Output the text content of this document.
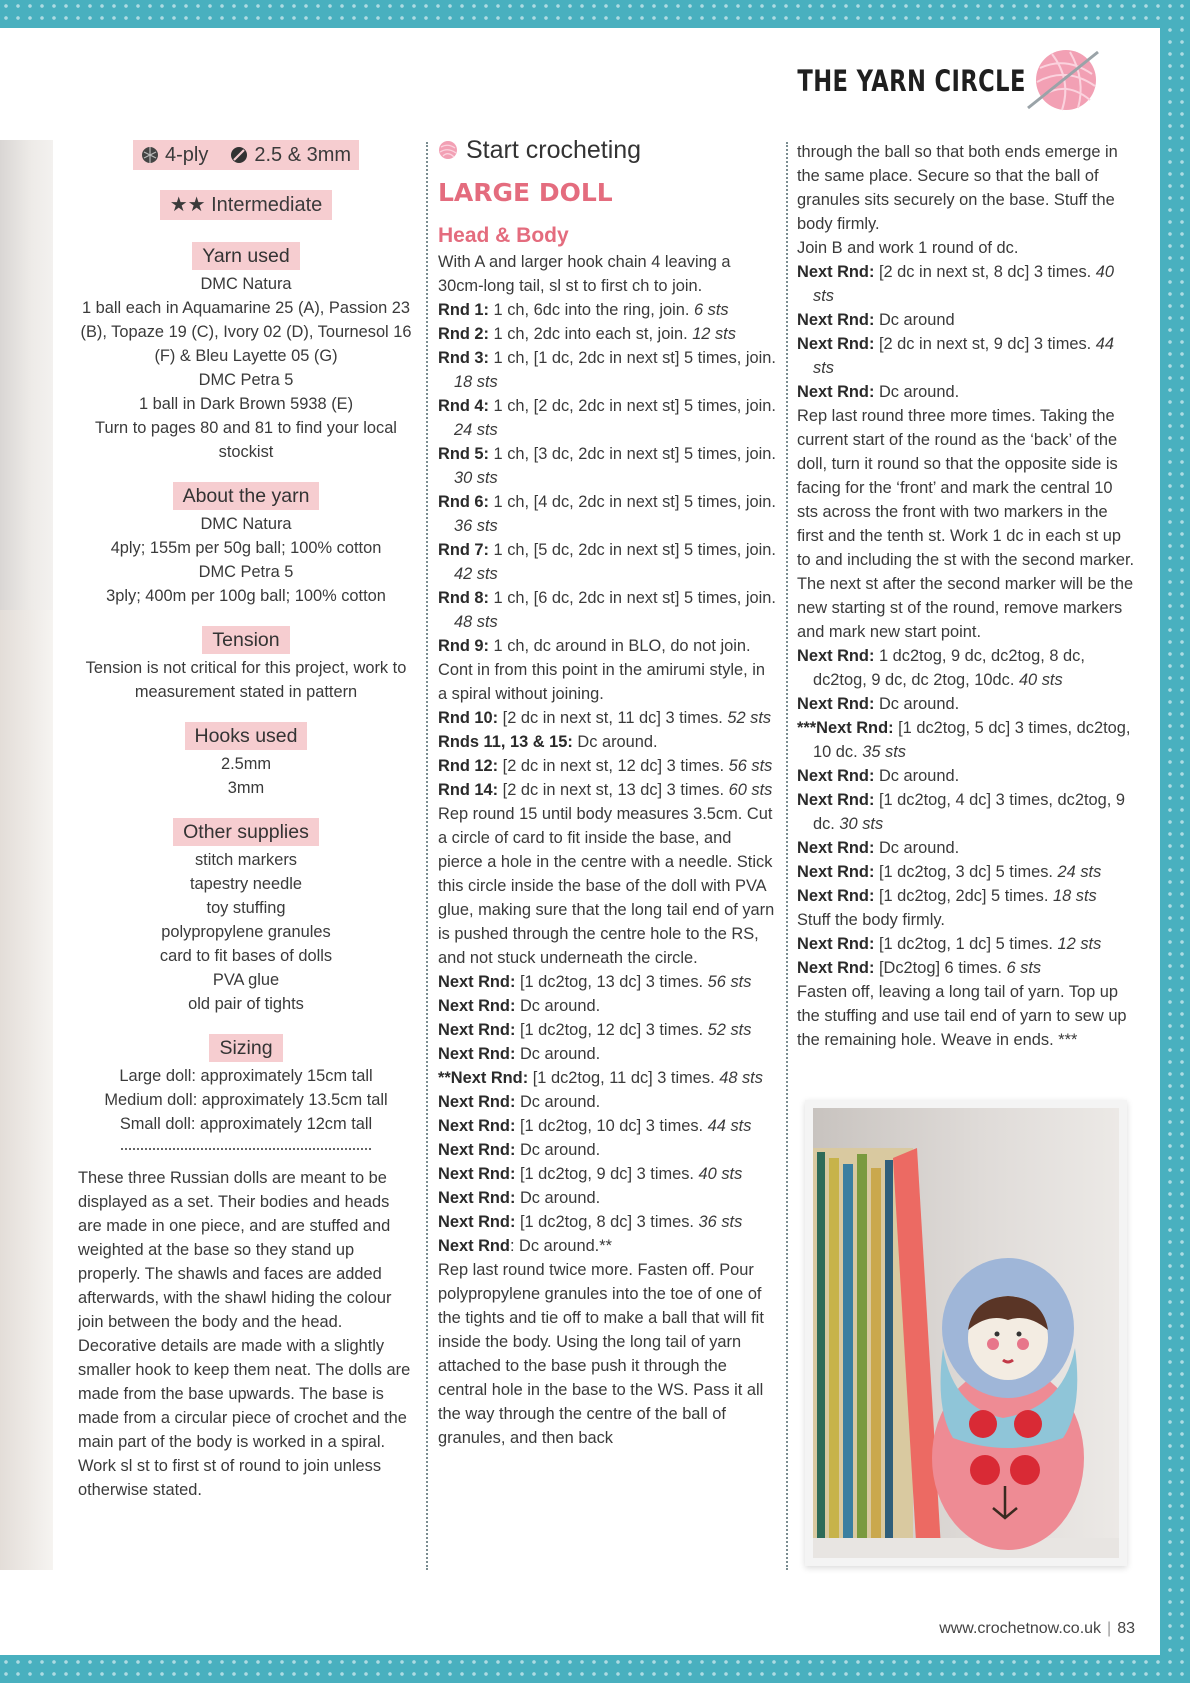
THE YARN CIRCLE
4-ply 2.5 & 3mm

★★ Intermediate
Yarn used

DMC Natura

1 ball each in Aquamarine 25 (A), Passion 23 (B), Topaze 19 (C), Ivory 02 (D), Tournesol 16 (F) & Bleu Layette 05 (G)

DMC Petra 5

1 ball in Dark Brown 5938 (E)

Turn to pages 80 and 81 to find your local stockist

About the yarn

DMC Natura

4ply; 155m per 50g ball; 100% cotton

DMC Petra 5

3ply; 400m per 100g ball; 100% cotton

Tension

Tension is not critical for this project, work to measurement stated in pattern

Hooks used

2.5mm

3mm

Other supplies

stitch markers

tapestry needle

toy stuffing

polypropylene granules

card to fit bases of dolls

PVA glue

old pair of tights

Sizing

Large doll: approximately 15cm tall

Medium doll: approximately 13.5cm tall

Small doll: approximately 12cm tall

These three Russian dolls are meant to be displayed as a set. Their bodies and heads are made in one piece, and are stuffed and weighted at the base so they stand up properly. The shawls and faces are added afterwards, with the shawl hiding the colour join between the body and the head. Decorative details are made with a slightly smaller hook to keep them neat. The dolls are made from the base upwards. The base is made from a circular piece of crochet and the main part of the body is worked in a spiral. Work sl st to first st of round to join unless otherwise stated.

Start crocheting
LARGE DOLL
Head & Body

With A and larger hook chain 4 leaving a 30cm-long tail, sl st to first ch to join.

Rnd 1: 1 ch, 6dc into the ring, join. 6 sts

Rnd 2: 1 ch, 2dc into each st, join. 12 sts

Rnd 3: 1 ch, [1 dc, 2dc in next st] 5 times, join. 18 sts

Rnd 4: 1 ch, [2 dc, 2dc in next st] 5 times, join. 24 sts

Rnd 5: 1 ch, [3 dc, 2dc in next st] 5 times, join. 30 sts

Rnd 6: 1 ch, [4 dc, 2dc in next st] 5 times, join. 36 sts

Rnd 7: 1 ch, [5 dc, 2dc in next st] 5 times, join. 42 sts

Rnd 8: 1 ch, [6 dc, 2dc in next st] 5 times, join. 48 sts

Rnd 9: 1 ch, dc around in BLO, do not join.

Cont in from this point in the amirumi style, in a spiral without joining.

Rnd 10: [2 dc in next st, 11 dc] 3 times. 52 sts

Rnds 11, 13 & 15: Dc around.

Rnd 12: [2 dc in next st, 12 dc] 3 times. 56 sts

Rnd 14: [2 dc in next st, 13 dc] 3 times. 60 sts

Rep round 15 until body measures 3.5cm. Cut a circle of card to fit inside the base, and pierce a hole in the centre with a needle. Stick this circle inside the base of the doll with PVA glue, making sure that the long tail end of yarn is pushed through the centre hole to the RS, and not stuck underneath the circle.

Next Rnd: [1 dc2tog, 13 dc] 3 times. 56 sts

Next Rnd: Dc around.

Next Rnd: [1 dc2tog, 12 dc] 3 times. 52 sts

Next Rnd: Dc around.

**Next Rnd: [1 dc2tog, 11 dc] 3 times. 48 sts

Next Rnd: Dc around.

Next Rnd: [1 dc2tog, 10 dc] 3 times. 44 sts

Next Rnd: Dc around.

Next Rnd: [1 dc2tog, 9 dc] 3 times. 40 sts

Next Rnd: Dc around.

Next Rnd: [1 dc2tog, 8 dc] 3 times. 36 sts

Next Rnd: Dc around.**

Rep last round twice more. Fasten off. Pour polypropylene granules into the toe of one of the tights and tie off to make a ball that will fit inside the body. Using the long tail of yarn attached to the base push it through the central hole in the base to the WS. Pass it all the way through the centre of the ball of granules, and then back

through the ball so that both ends emerge in the same place. Secure so that the ball of granules sits securely on the base. Stuff the body firmly.

Join B and work 1 round of dc.

Next Rnd: [2 dc in next st, 8 dc] 3 times. 40 sts

Next Rnd: Dc around

Next Rnd: [2 dc in next st, 9 dc] 3 times. 44 sts

Next Rnd: Dc around.

Rep last round three more times. Taking the current start of the round as the ‘back’ of the doll, turn it round so that the opposite side is facing for the ‘front’ and mark the central 10 sts across the front with two markers in the first and the tenth st. Work 1 dc in each st up to and including the st with the second marker. The next st after the second marker will be the new starting st of the round, remove markers and mark new start point.

Next Rnd: 1 dc2tog, 9 dc, dc2tog, 8 dc, dc2tog, 9 dc, dc 2tog, 10dc. 40 sts

Next Rnd: Dc around.

***Next Rnd: [1 dc2tog, 5 dc] 3 times, dc2tog, 10 dc. 35 sts

Next Rnd: Dc around.

Next Rnd: [1 dc2tog, 4 dc] 3 times, dc2tog, 9 dc. 30 sts

Next Rnd: Dc around.

Next Rnd: [1 dc2tog, 3 dc] 5 times. 24 sts

Next Rnd: [1 dc2tog, 2dc] 5 times. 18 sts

Stuff the body firmly.

Next Rnd: [1 dc2tog, 1 dc] 5 times. 12 sts

Next Rnd: [Dc2tog] 6 times. 6 sts

Fasten off, leaving a long tail of yarn. Top up the stuffing and use tail end of yarn to sew up the remaining hole. Weave in ends. ***

www.crochetnow.co.uk | 83
